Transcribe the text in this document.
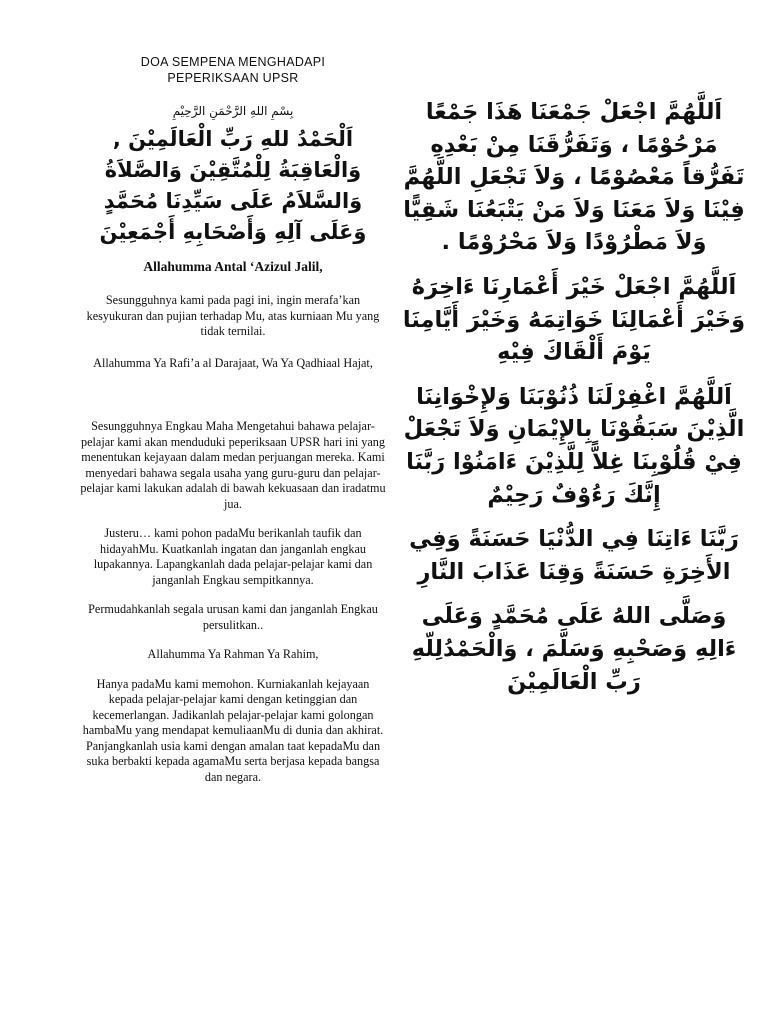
DOA SEMPENA MENGHADAPI
PEPERIKSAAN UPSR

بِسْمِ اللهِ الرَّحْمَنِ الرَّحِيْمِ
اَلْحَمْدُ للهِ رَبِّ الْعَالَمِيْنَ , وَالْعَاقِبَةُ لِلْمُتَّقِيْنَ وَالصَّلاَةُ وَالسَّلاَمُ عَلَى سَيِّدِنَا مُحَمَّدٍ وَعَلَى آلِهِ وَأَصْحَابِهِ أَجْمَعِيْنَ
Allahumma Antal ‘Azizul Jalil,

Sesungguhnya kami pada pagi ini, ingin merafa’kan kesyukuran dan pujian terhadap Mu, atas kurniaan Mu yang tidak ternilai.

Allahumma Ya Rafi’a al Darajaat, Wa Ya Qadhiaal Hajat,

Sesungguhnya Engkau Maha Mengetahui bahawa pelajar-pelajar kami akan menduduki peperiksaan UPSR hari ini yang menentukan kejayaan dalam medan perjuangan mereka. Kami menyedari bahawa segala usaha yang guru-guru dan pelajar-pelajar kami lakukan adalah di bawah kekuasaan dan iradatmu jua.

Justeru… kami pohon padaMu berikanlah taufik dan hidayahMu. Kuatkanlah ingatan dan janganlah engkau lupakannya. Lapangkanlah dada pelajar-pelajar kami dan janganlah Engkau sempitkannya.

Permudahkanlah segala urusan kami dan janganlah Engkau persulitkan..

Allahumma Ya Rahman Ya Rahim,

Hanya padaMu kami memohon. Kurniakanlah kejayaan kepada pelajar-pelajar kami dengan ketinggian dan kecemerlangan. Jadikanlah pelajar-pelajar kami golongan hambaMu yang mendapat kemuliaanMu di dunia dan akhirat. Panjangkanlah usia kami dengan amalan taat kepadaMu dan suka berbakti kepada agamaMu serta berjasa kepada bangsa dan negara.

اَللَّهُمَّ اجْعَلْ جَمْعَنَا هَذَا جَمْعًا مَرْحُوْمًا ، وَتَفَرُّقَنَا مِنْ بَعْدِهِ تَفَرُّقاً مَعْصُوْمًا ، وَلاَ تَجْعَلِ اللَّهُمَّ فِيْنَا وَلاَ مَعَنَا وَلاَ مَنْ يَتْبَعُنَا شَقِيًّا وَلاَ مَطْرُوْدًا وَلاَ مَحْرُوْمًا .

اَللَّهُمَّ اجْعَلْ خَيْرَ أَعْمَارِنَا ءَاخِرَهُ وَخَيْرَ أَعْمَالِنَا خَوَاتِمَهُ وَخَيْرَ أَيَّامِنَا يَوْمَ أَلْقَاكَ فِيْهِ

اَللَّهُمَّ اغْفِرْلَنَا ذُنُوْبَنَا وَلإِخْوَانِنَا الَّذِيْنَ سَبَقُوْنَا بِالإِيْمَانِ وَلاَ تَجْعَلْ فِيْ قُلُوْبِنَا غِلاًّ لِلَّذِيْنَ ءَامَنُوْا رَبَّنَا إِنَّكَ رَءُوْفٌ رَحِيْمٌ

رَبَّنَا ءَاتِنَا فِي الدُّنْيَا حَسَنَةً وَفِي الأَخِرَةِ حَسَنَةً وَقِنَا عَذَابَ النَّارِ

وَصَلَّى اللهُ عَلَى مُحَمَّدٍ وَعَلَى ءَالِهِ وَصَحْبِهِ وَسَلَّمَ ، وَالْحَمْدُلِلّهِ رَبِّ الْعَالَمِيْنَ
